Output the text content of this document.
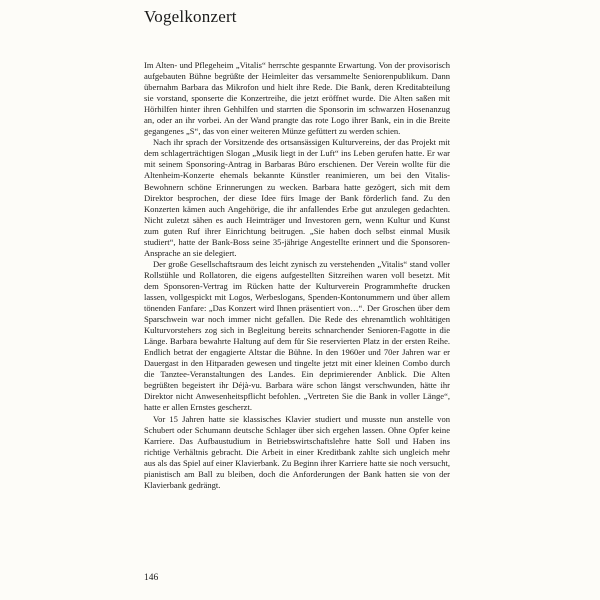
Vogelkonzert

Im Alten- und Pflegeheim „Vitalis“ herrschte gespannte Erwartung. Von der provisorisch aufgebauten Bühne begrüßte der Heimleiter das versammelte Seniorenpublikum. Dann übernahm Barbara das Mikrofon und hielt ihre Rede. Die Bank, deren Kreditabteilung sie vorstand, sponserte die Konzertreihe, die jetzt eröffnet wurde. Die Alten saßen mit Hörhilfen hinter ihren Gehhilfen und starrten die Sponsorin im schwarzen Hosenanzug an, oder an ihr vorbei. An der Wand prangte das rote Logo ihrer Bank, ein in die Breite gegangenes „S“, das von einer weiteren Münze gefüttert zu werden schien.

Nach ihr sprach der Vorsitzende des ortsansässigen Kulturvereins, der das Projekt mit dem schlagerträchtigen Slogan „Musik liegt in der Luft“ ins Leben gerufen hatte. Er war mit seinem Sponsoring-Antrag in Barbaras Büro erschienen. Der Verein wollte für die Altenheim-Konzerte ehemals bekannte Künstler reanimieren, um bei den Vitalis-Bewohnern schöne Erinnerungen zu wecken. Barbara hatte gezögert, sich mit dem Direktor besprochen, der diese Idee fürs Image der Bank förderlich fand. Zu den Konzerten kämen auch Angehörige, die ihr anfallendes Erbe gut anzulegen gedachten. Nicht zuletzt sähen es auch Heimträger und Investoren gern, wenn Kultur und Kunst zum guten Ruf ihrer Einrichtung beitrugen. „Sie haben doch selbst einmal Musik studiert“, hatte der Bank-Boss seine 35-jährige Angestellte erinnert und die Sponsoren-Ansprache an sie delegiert.

Der große Gesellschaftsraum des leicht zynisch zu verstehenden „Vitalis“ stand voller Rollstühle und Rollatoren, die eigens aufgestellten Sitzreihen waren voll besetzt. Mit dem Sponsoren-Vertrag im Rücken hatte der Kulturverein Programmhefte drucken lassen, vollgespickt mit Logos, Werbeslogans, Spenden-Kontonummern und über allem tönenden Fanfare: „Das Konzert wird Ihnen präsentiert von…“. Der Groschen über dem Sparschwein war noch immer nicht gefallen. Die Rede des ehrenamtlich wohltätigen Kulturvorstehers zog sich in Begleitung bereits schnarchender Senioren-Fagotte in die Länge. Barbara bewahrte Haltung auf dem für Sie reservierten Platz in der ersten Reihe. Endlich betrat der engagierte Altstar die Bühne. In den 1960er und 70er Jahren war er Dauergast in den Hitparaden gewesen und tingelte jetzt mit einer kleinen Combo durch die Tanztee-Veranstaltungen des Landes. Ein deprimierender Anblick. Die Alten begrüßten begeistert ihr Déjà-vu. Barbara wäre schon längst verschwunden, hätte ihr Direktor nicht Anwesenheitspflicht befohlen. „Vertreten Sie die Bank in voller Länge“, hatte er allen Ernstes gescherzt.

Vor 15 Jahren hatte sie klassisches Klavier studiert und musste nun anstelle von Schubert oder Schumann deutsche Schlager über sich ergehen lassen. Ohne Opfer keine Karriere. Das Aufbaustudium in Betriebswirtschaftslehre hatte Soll und Haben ins richtige Verhältnis gebracht. Die Arbeit in einer Kreditbank zahlte sich ungleich mehr aus als das Spiel auf einer Klavierbank. Zu Beginn ihrer Karriere hatte sie noch versucht, pianistisch am Ball zu bleiben, doch die Anforderungen der Bank hatten sie von der Klavierbank gedrängt.

146
